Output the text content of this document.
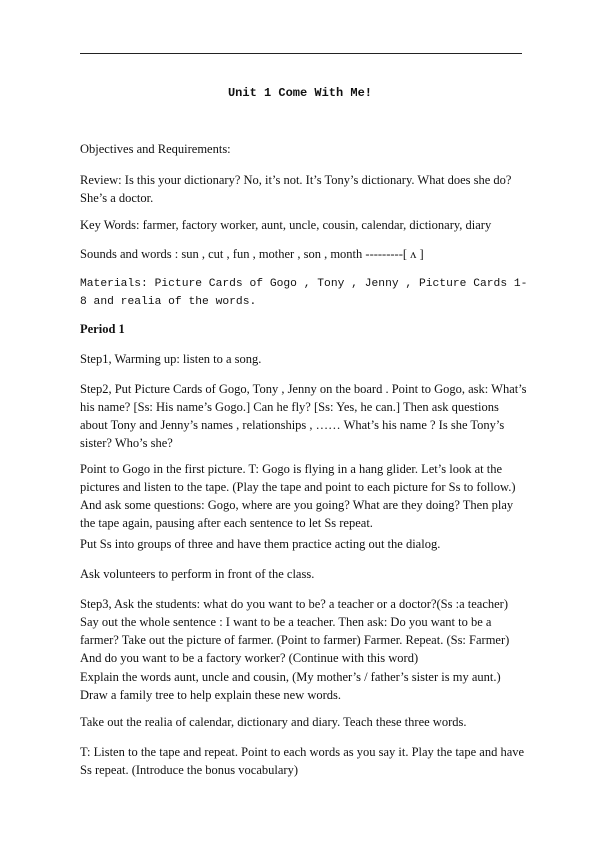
Unit 1 Come With Me!

Objectives and Requirements:

Review: Is this your dictionary? No, it’s not. It’s Tony’s dictionary. What does she do? She’s a doctor.

Key Words: farmer, factory worker, aunt, uncle, cousin, calendar, dictionary, diary

Sounds and words : sun , cut , fun , mother , son , month ---------[ ʌ ]

Materials: Picture Cards of Gogo , Tony , Jenny , Picture Cards 1-8 and realia of the words.

Period 1

Step1, Warming up: listen to a song.

Step2, Put Picture Cards of Gogo, Tony , Jenny on the board . Point to Gogo, ask: What’s his name? [Ss: His name’s Gogo.] Can he fly? [Ss: Yes, he can.] Then ask questions about Tony and Jenny’s names , relationships , …… What’s his name ? Is she Tony’s sister? Who’s she?

Point to Gogo in the first picture. T: Gogo is flying in a hang glider. Let’s look at the pictures and listen to the tape. (Play the tape and point to each picture for Ss to follow.) And ask some questions: Gogo, where are you going? What are they doing? Then play the tape again, pausing after each sentence to let Ss repeat.

Put Ss into groups of three and have them practice acting out the dialog.

Ask volunteers to perform in front of the class.

Step3, Ask the students: what do you want to be? a teacher or a doctor?(Ss :a teacher) Say out the whole sentence : I want to be a teacher. Then ask: Do you want to be a farmer? Take out the picture of farmer. (Point to farmer) Farmer. Repeat. (Ss: Farmer) And do you want to be a factory worker? (Continue with this word)

Explain the words aunt, uncle and cousin, (My mother’s / father’s sister is my aunt.) Draw a family tree to help explain these new words.

Take out the realia of calendar, dictionary and diary. Teach these three words.

T: Listen to the tape and repeat. Point to each words as you say it. Play the tape and have Ss repeat. (Introduce the bonus vocabulary)
